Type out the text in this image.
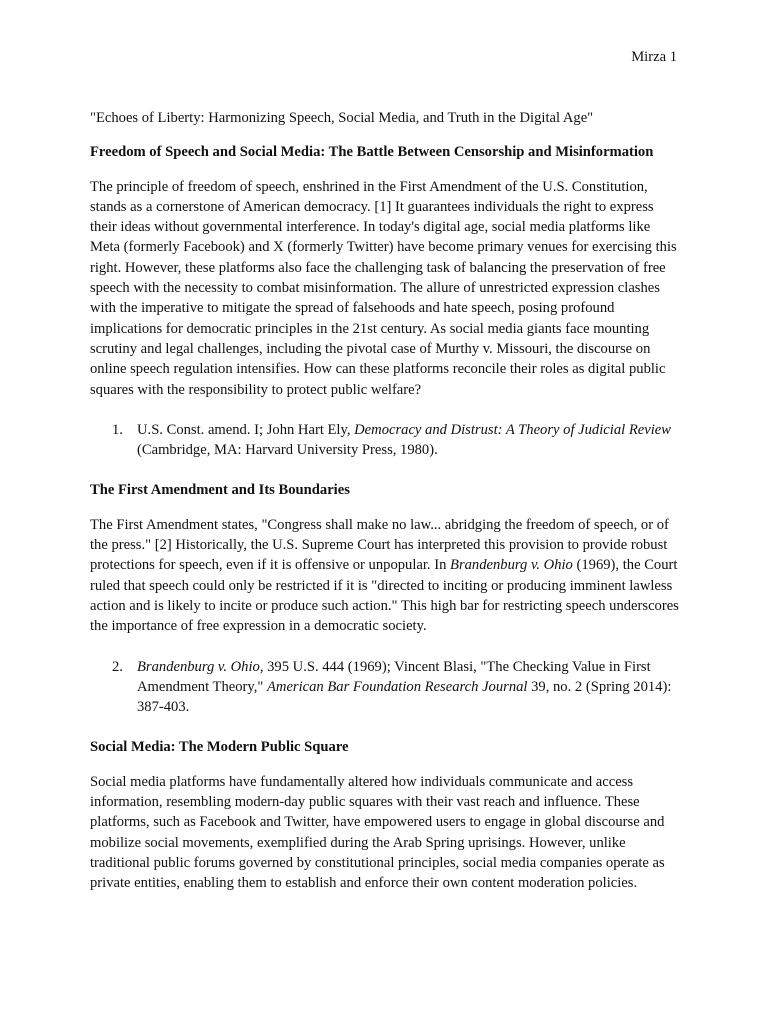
Mirza 1

"Echoes of Liberty: Harmonizing Speech, Social Media, and Truth in the Digital Age"

Freedom of Speech and Social Media: The Battle Between Censorship and Misinformation

The principle of freedom of speech, enshrined in the First Amendment of the U.S. Constitution, stands as a cornerstone of American democracy. [1] It guarantees individuals the right to express their ideas without governmental interference. In today's digital age, social media platforms like Meta (formerly Facebook) and X (formerly Twitter) have become primary venues for exercising this right. However, these platforms also face the challenging task of balancing the preservation of free speech with the necessity to combat misinformation. The allure of unrestricted expression clashes with the imperative to mitigate the spread of falsehoods and hate speech, posing profound implications for democratic principles in the 21st century. As social media giants face mounting scrutiny and legal challenges, including the pivotal case of Murthy v. Missouri, the discourse on online speech regulation intensifies. How can these platforms reconcile their roles as digital public squares with the responsibility to protect public welfare?

1. U.S. Const. amend. I; John Hart Ely, Democracy and Distrust: A Theory of Judicial Review (Cambridge, MA: Harvard University Press, 1980).

The First Amendment and Its Boundaries

The First Amendment states, "Congress shall make no law... abridging the freedom of speech, or of the press." [2] Historically, the U.S. Supreme Court has interpreted this provision to provide robust protections for speech, even if it is offensive or unpopular. In Brandenburg v. Ohio (1969), the Court ruled that speech could only be restricted if it is "directed to inciting or producing imminent lawless action and is likely to incite or produce such action." This high bar for restricting speech underscores the importance of free expression in a democratic society.

2. Brandenburg v. Ohio, 395 U.S. 444 (1969); Vincent Blasi, "The Checking Value in First Amendment Theory," American Bar Foundation Research Journal 39, no. 2 (Spring 2014): 387-403.

Social Media: The Modern Public Square

Social media platforms have fundamentally altered how individuals communicate and access information, resembling modern-day public squares with their vast reach and influence. These platforms, such as Facebook and Twitter, have empowered users to engage in global discourse and mobilize social movements, exemplified during the Arab Spring uprisings. However, unlike traditional public forums governed by constitutional principles, social media companies operate as private entities, enabling them to establish and enforce their own content moderation policies.
